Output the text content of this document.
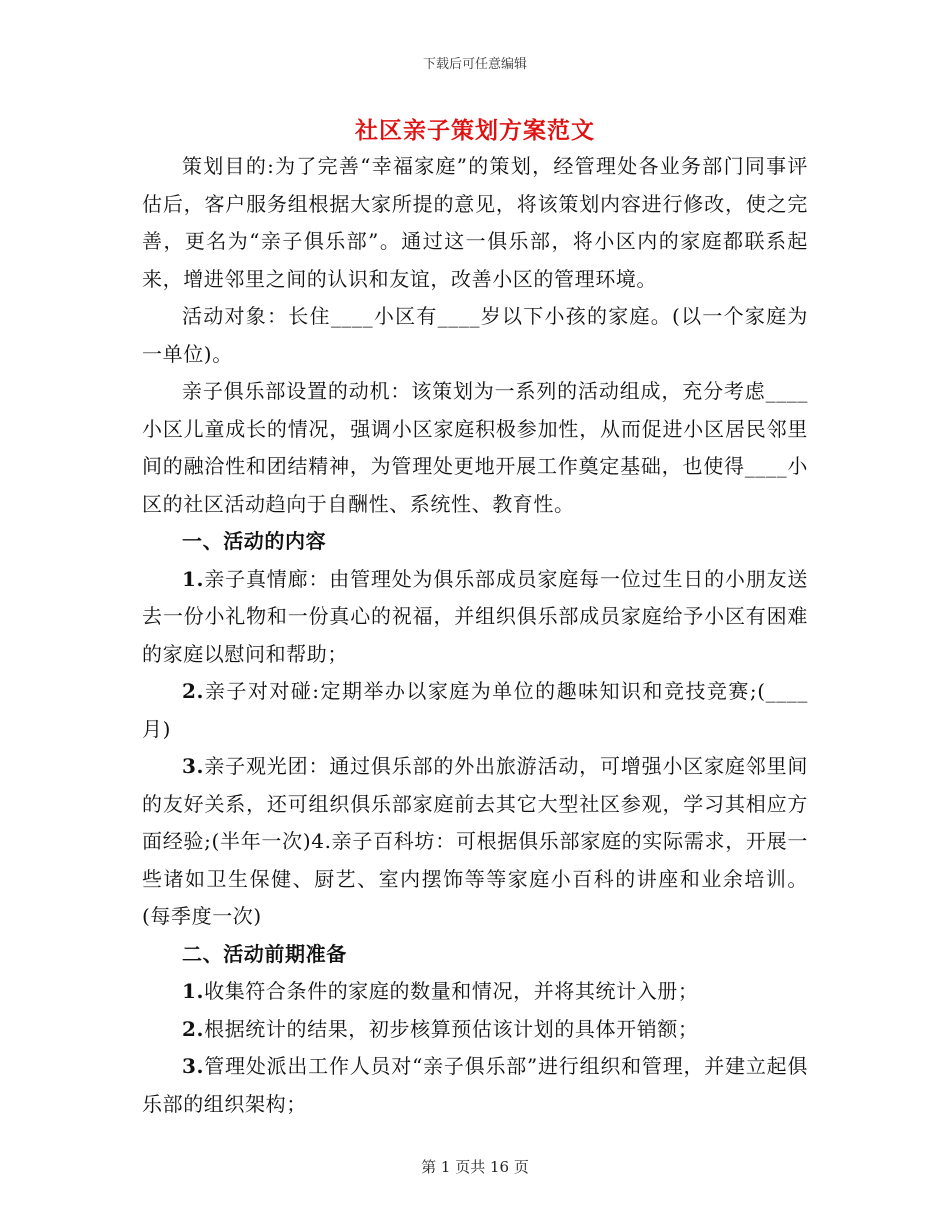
下载后可任意编辑
社区亲子策划方案范文

策划目的:为了完善“幸福家庭”的策划，经管理处各业务部门同事评估后，客户服务组根据大家所提的意见，将该策划内容进行修改，使之完善，更名为“亲子俱乐部”。通过这一俱乐部，将小区内的家庭都联系起来，增进邻里之间的认识和友谊，改善小区的管理环境。

活动对象：长住____小区有____岁以下小孩的家庭。(以一个家庭为一单位)。

亲子俱乐部设置的动机：该策划为一系列的活动组成，充分考虑____小区儿童成长的情况，强调小区家庭积极参加性，从而促进小区居民邻里间的融洽性和团结精神，为管理处更地开展工作奠定基础，也使得____小区的社区活动趋向于自酬性、系统性、教育性。

一、活动的内容

1.亲子真情廊：由管理处为俱乐部成员家庭每一位过生日的小朋友送去一份小礼物和一份真心的祝福，并组织俱乐部成员家庭给予小区有困难的家庭以慰问和帮助；

2.亲子对对碰:定期举办以家庭为单位的趣味知识和竞技竞赛;(____月)

3.亲子观光团：通过俱乐部的外出旅游活动，可增强小区家庭邻里间的友好关系，还可组织俱乐部家庭前去其它大型社区参观，学习其相应方面经验;(半年一次)4.亲子百科坊：可根据俱乐部家庭的实际需求，开展一些诸如卫生保健、厨艺、室内摆饰等等家庭小百科的讲座和业余培训。(每季度一次)

二、活动前期准备

1.收集符合条件的家庭的数量和情况，并将其统计入册；

2.根据统计的结果，初步核算预估该计划的具体开销额；

3.管理处派出工作人员对“亲子俱乐部”进行组织和管理，并建立起俱乐部的组织架构；

第 1 页共 16 页
